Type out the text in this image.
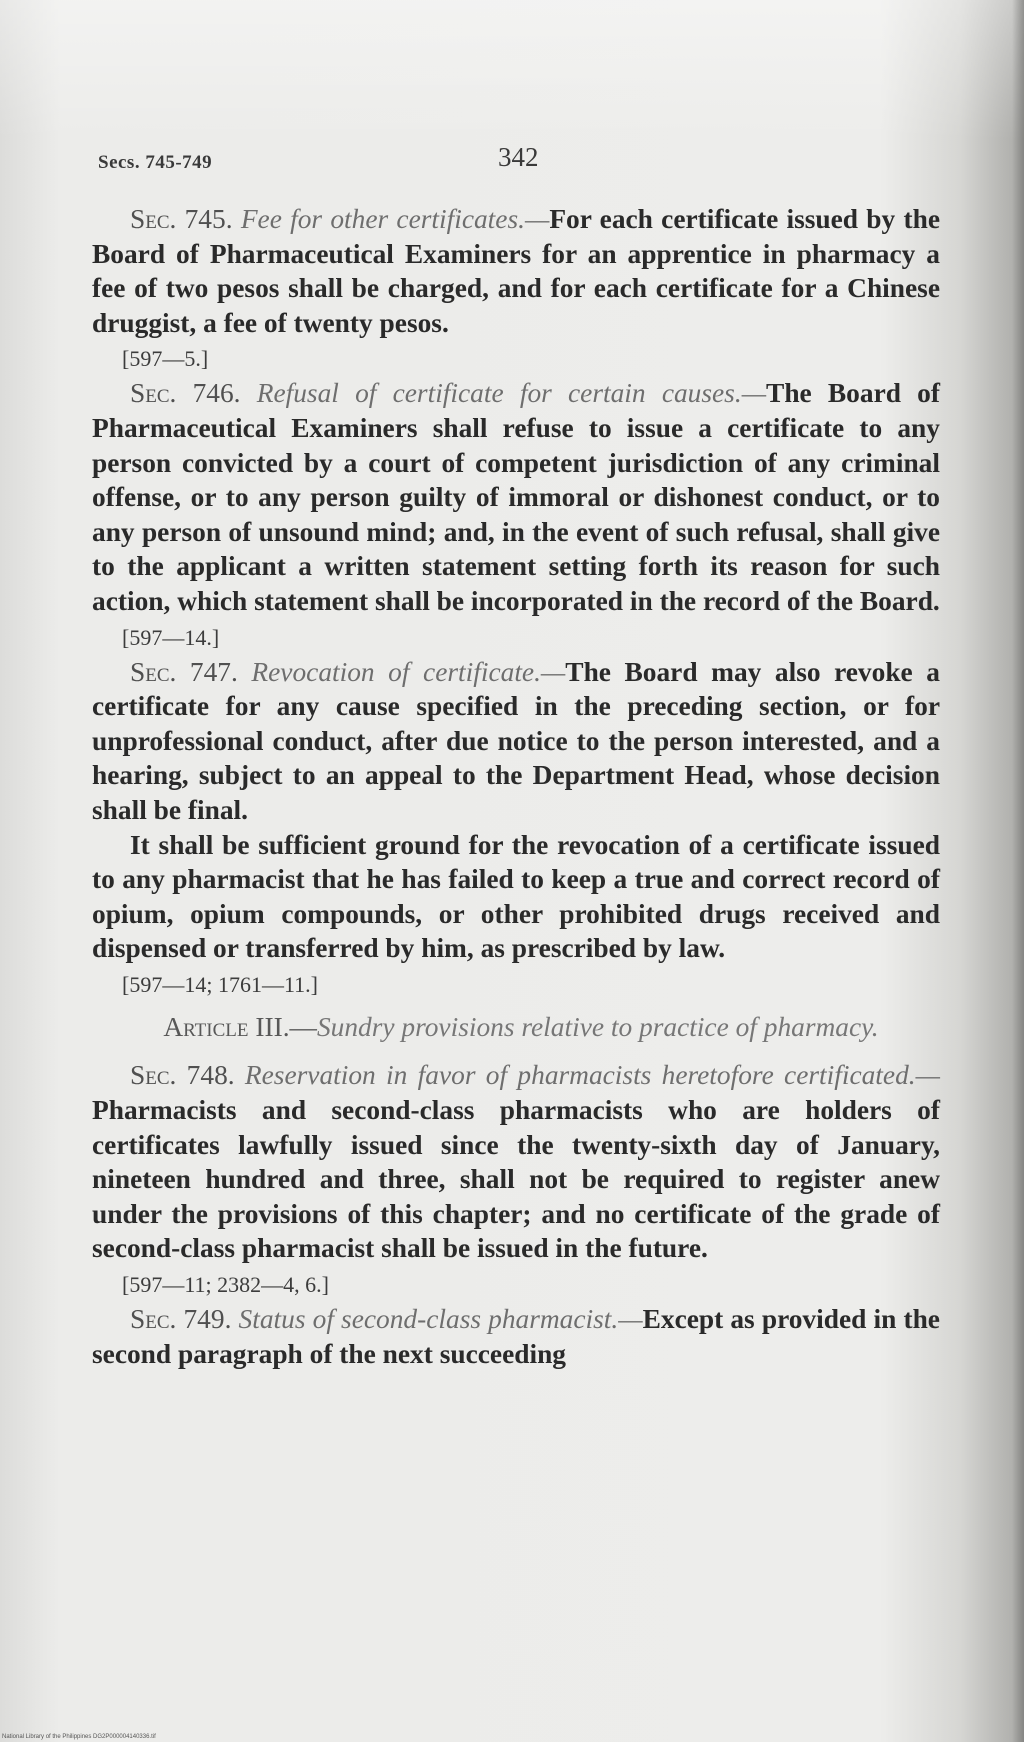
Secs. 745-749	342

Sec. 745. Fee for other certificates.—For each certificate issued by the Board of Pharmaceutical Examiners for an apprentice in pharmacy a fee of two pesos shall be charged, and for each certificate for a Chinese druggist, a fee of twenty pesos.

[597—5.]

Sec. 746. Refusal of certificate for certain causes.—The Board of Pharmaceutical Examiners shall refuse to issue a certificate to any person convicted by a court of competent jurisdiction of any criminal offense, or to any person guilty of immoral or dishonest conduct, or to any person of unsound mind; and, in the event of such refusal, shall give to the applicant a written statement setting forth its reason for such action, which statement shall be incorporated in the record of the Board.

[597—14.]

Sec. 747. Revocation of certificate.—The Board may also revoke a certificate for any cause specified in the preceding section, or for unprofessional conduct, after due notice to the person interested, and a hearing, subject to an appeal to the Department Head, whose decision shall be final.

It shall be sufficient ground for the revocation of a certificate issued to any pharmacist that he has failed to keep a true and correct record of opium, opium compounds, or other prohibited drugs received and dispensed or transferred by him, as prescribed by law.

[597—14; 1761—11.]

Article III.—Sundry provisions relative to practice of pharmacy.

Sec. 748. Reservation in favor of pharmacists heretofore certificated.—Pharmacists and second-class pharmacists who are holders of certificates lawfully issued since the twenty-sixth day of January, nineteen hundred and three, shall not be required to register anew under the provisions of this chapter; and no certificate of the grade of second-class pharmacist shall be issued in the future.

[597—11; 2382—4, 6.]

Sec. 749. Status of second-class pharmacist.—Except as provided in the second paragraph of the next succeeding

National Library of the Philippines DG2P000004140336.tif
